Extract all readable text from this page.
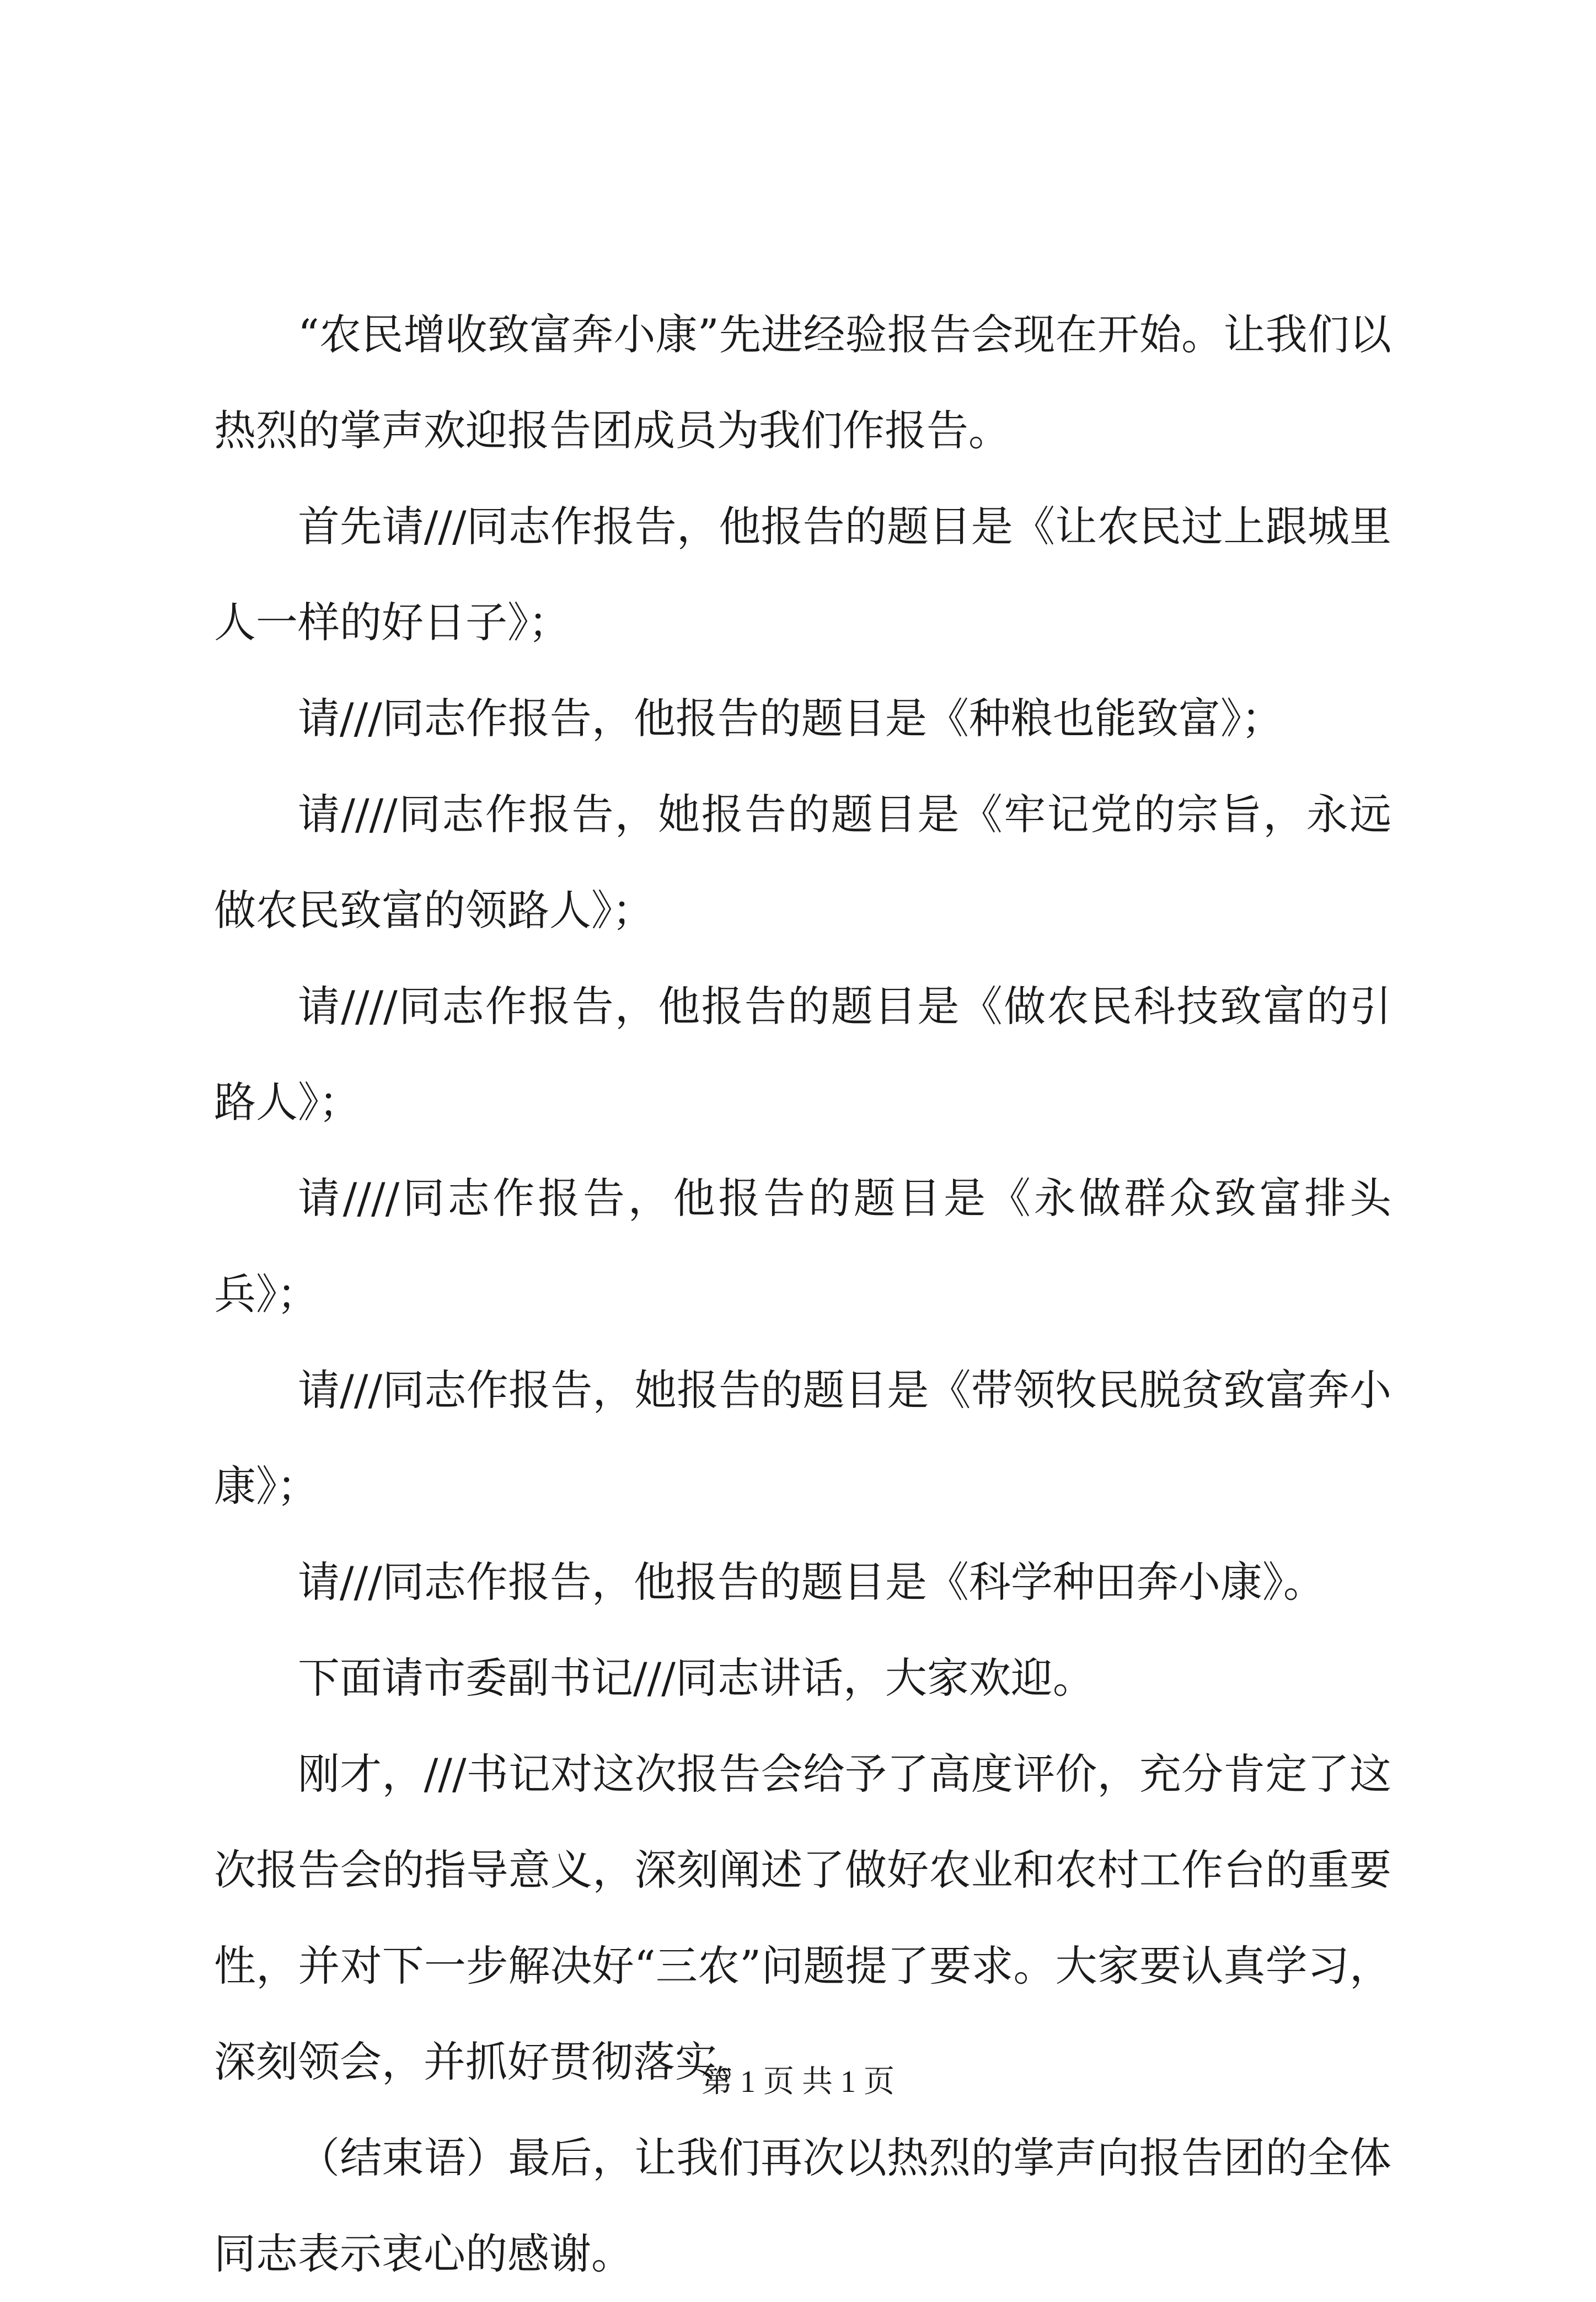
“农民增收致富奔小康”先进经验报告会现在开始。让我们以热烈的掌声欢迎报告团成员为我们作报告。

首先请///同志作报告，他报告的题目是《让农民过上跟城里人一样的好日子》；

请///同志作报告，他报告的题目是《种粮也能致富》；

请////同志作报告，她报告的题目是《牢记党的宗旨，永远做农民致富的领路人》；

请////同志作报告，他报告的题目是《做农民科技致富的引路人》；

请////同志作报告，他报告的题目是《永做群众致富排头兵》；

请///同志作报告，她报告的题目是《带领牧民脱贫致富奔小康》；

请///同志作报告，他报告的题目是《科学种田奔小康》。

下面请市委副书记///同志讲话，大家欢迎。

刚才，///书记对这次报告会给予了高度评价，充分肯定了这次报告会的指导意义，深刻阐述了做好农业和农村工作台的重要性，并对下一步解决好“三农”问题提了要求。大家要认真学习，深刻领会，并抓好贯彻落实。

（结束语）最后，让我们再次以热烈的掌声向报告团的全体同志表示衷心的感谢。

第 1 页 共 1 页
